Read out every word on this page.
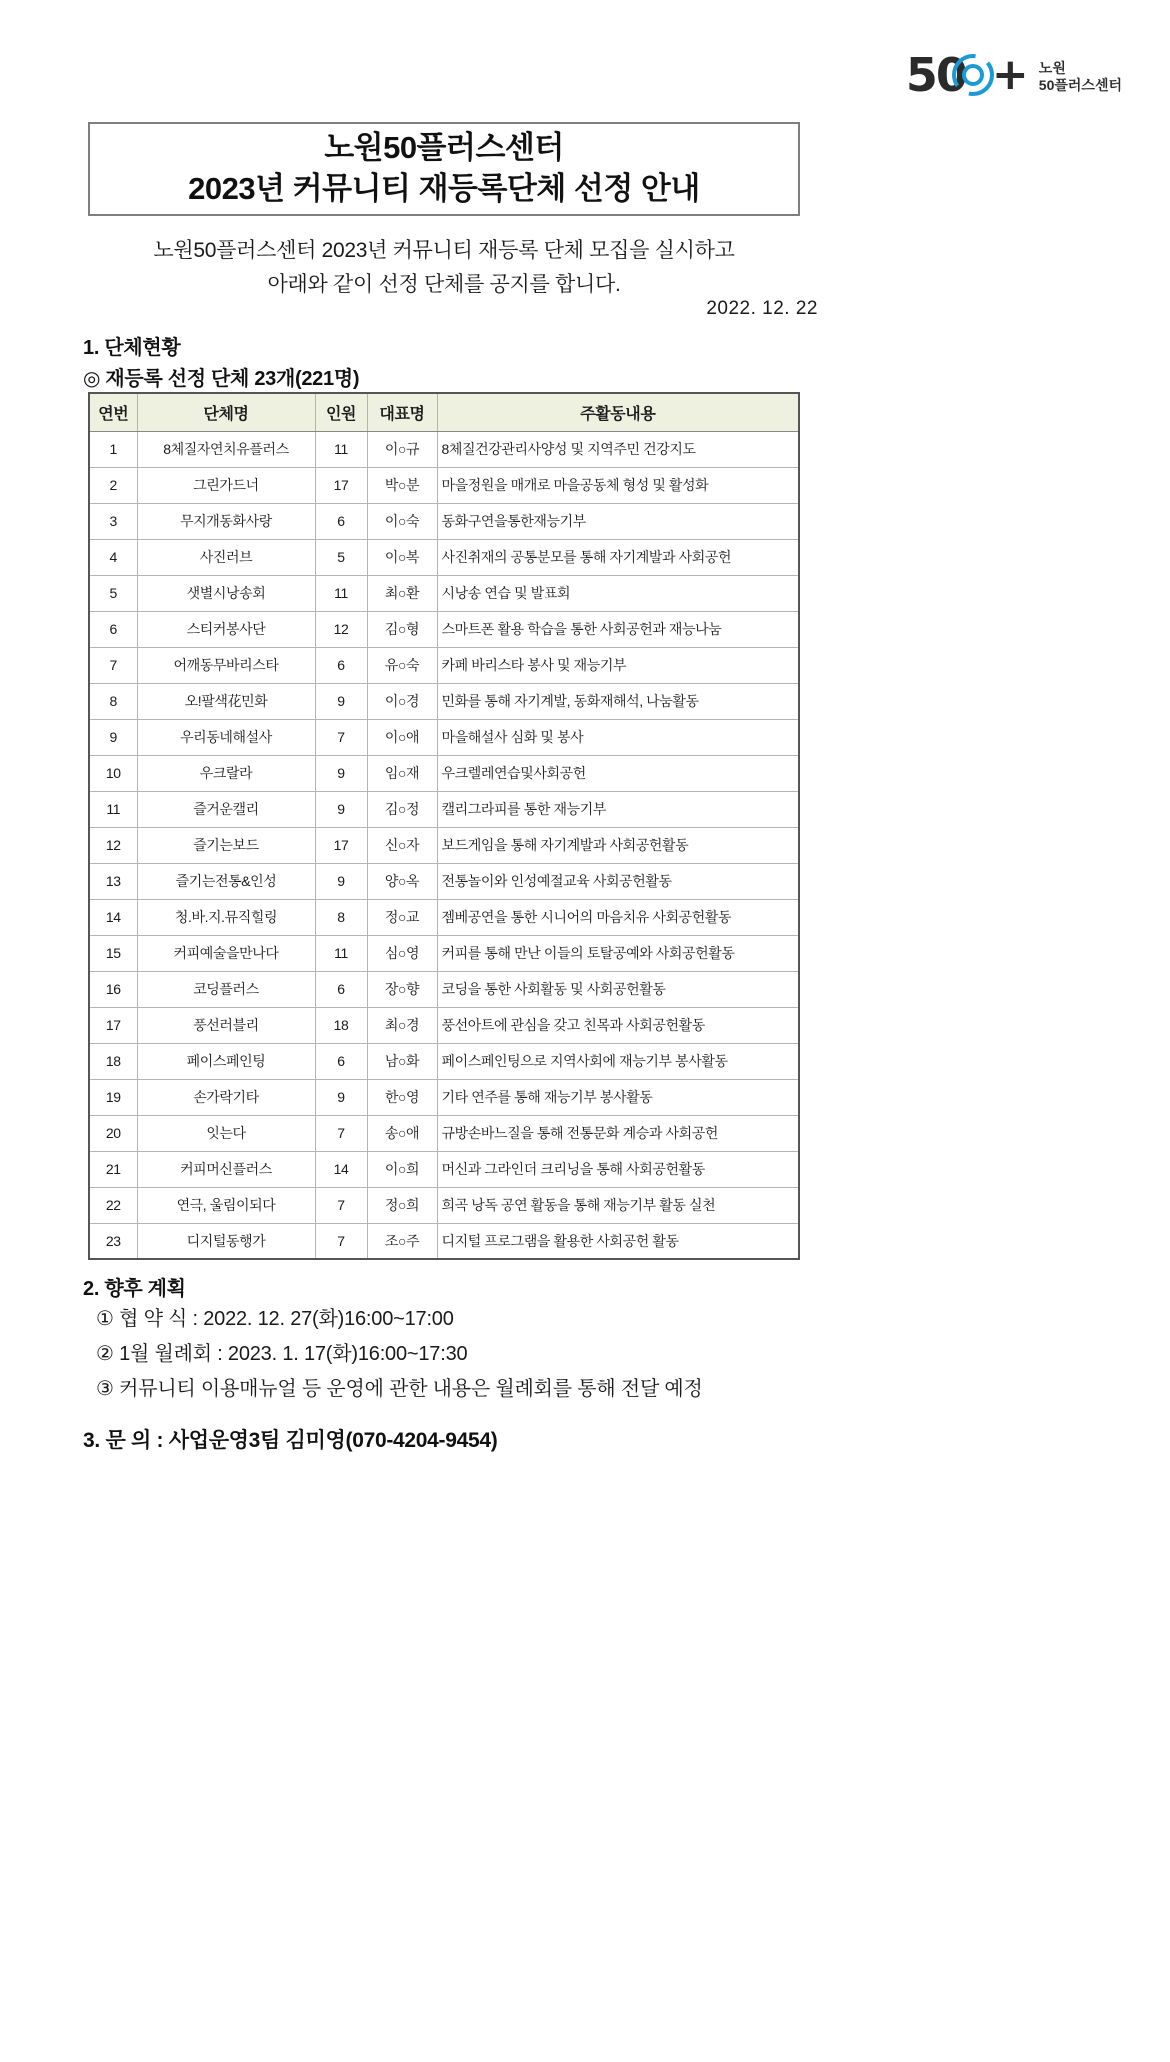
50 + 노원
50플러스센터
노원50플러스센터
2023년 커뮤니티 재등록단체 선정 안내
노원50플러스센터 2023년 커뮤니티 재등록 단체 모집을 실시하고
아래와 같이 선정 단체를 공지를 합니다.
2022. 12. 22
1. 단체현황
◎ 재등록 선정 단체 23개(221명)
연번	단체명	인원	대표명	주활동내용
1	8체질자연치유플러스	11	이○규	8체질건강관리사양성 및 지역주민 건강지도
2	그린가드너	17	박○분	마을정원을 매개로 마을공동체 형성 및 활성화
3	무지개동화사랑	6	이○숙	동화구연을통한재능기부
4	사진러브	5	이○복	사진취재의 공통분모를 통해 자기계발과 사회공헌
5	샛별시낭송회	11	최○환	시낭송 연습 및 발표회
6	스티커봉사단	12	김○형	스마트폰 활용 학습을 통한 사회공헌과 재능나눔
7	어깨동무바리스타	6	유○숙	카페 바리스타 봉사 및 재능기부
8	오!팔색花민화	9	이○경	민화를 통해 자기계발, 동화재해석, 나눔활동
9	우리동네해설사	7	이○애	마을해설사 심화 및 봉사
10	우크랄라	9	임○재	우크렐레연습및사회공헌
11	즐거운캘리	9	김○정	캘리그라피를 통한 재능기부
12	즐기는보드	17	신○자	보드게임을 통해 자기계발과 사회공헌활동
13	즐기는전통&인성	9	양○옥	전통놀이와 인성예절교육 사회공헌활동
14	청.바.지.뮤직힐링	8	정○교	젬베공연을 통한 시니어의 마음치유 사회공헌활동
15	커피예술을만나다	11	심○영	커피를 통해 만난 이들의 토탈공예와 사회공헌활동
16	코딩플러스	6	장○향	코딩을 통한 사회활동 및 사회공헌활동
17	풍선러블리	18	최○경	풍선아트에 관심을 갖고 친목과 사회공헌활동
18	페이스페인팅	6	남○화	페이스페인팅으로 지역사회에 재능기부 봉사활동
19	손가락기타	9	한○영	기타 연주를 통해 재능기부 봉사활동
20	잇는다	7	송○애	규방손바느질을 통해 전통문화 계승과 사회공헌
21	커피머신플러스	14	이○희	머신과 그라인더 크리닝을 통해 사회공헌활동
22	연극, 울림이되다	7	정○희	희곡 낭독 공연 활동을 통해 재능기부 활동 실천
23	디지털동행가	7	조○주	디지털 프로그램을 활용한 사회공헌 활동
2. 향후 계획
① 협 약 식 : 2022. 12. 27(화)16:00~17:00
② 1월 월례회 : 2023. 1. 17(화)16:00~17:30
③ 커뮤니티 이용매뉴얼 등 운영에 관한 내용은 월례회를 통해 전달 예정
3. 문 의 : 사업운영3팀 김미영(070-4204-9454)
